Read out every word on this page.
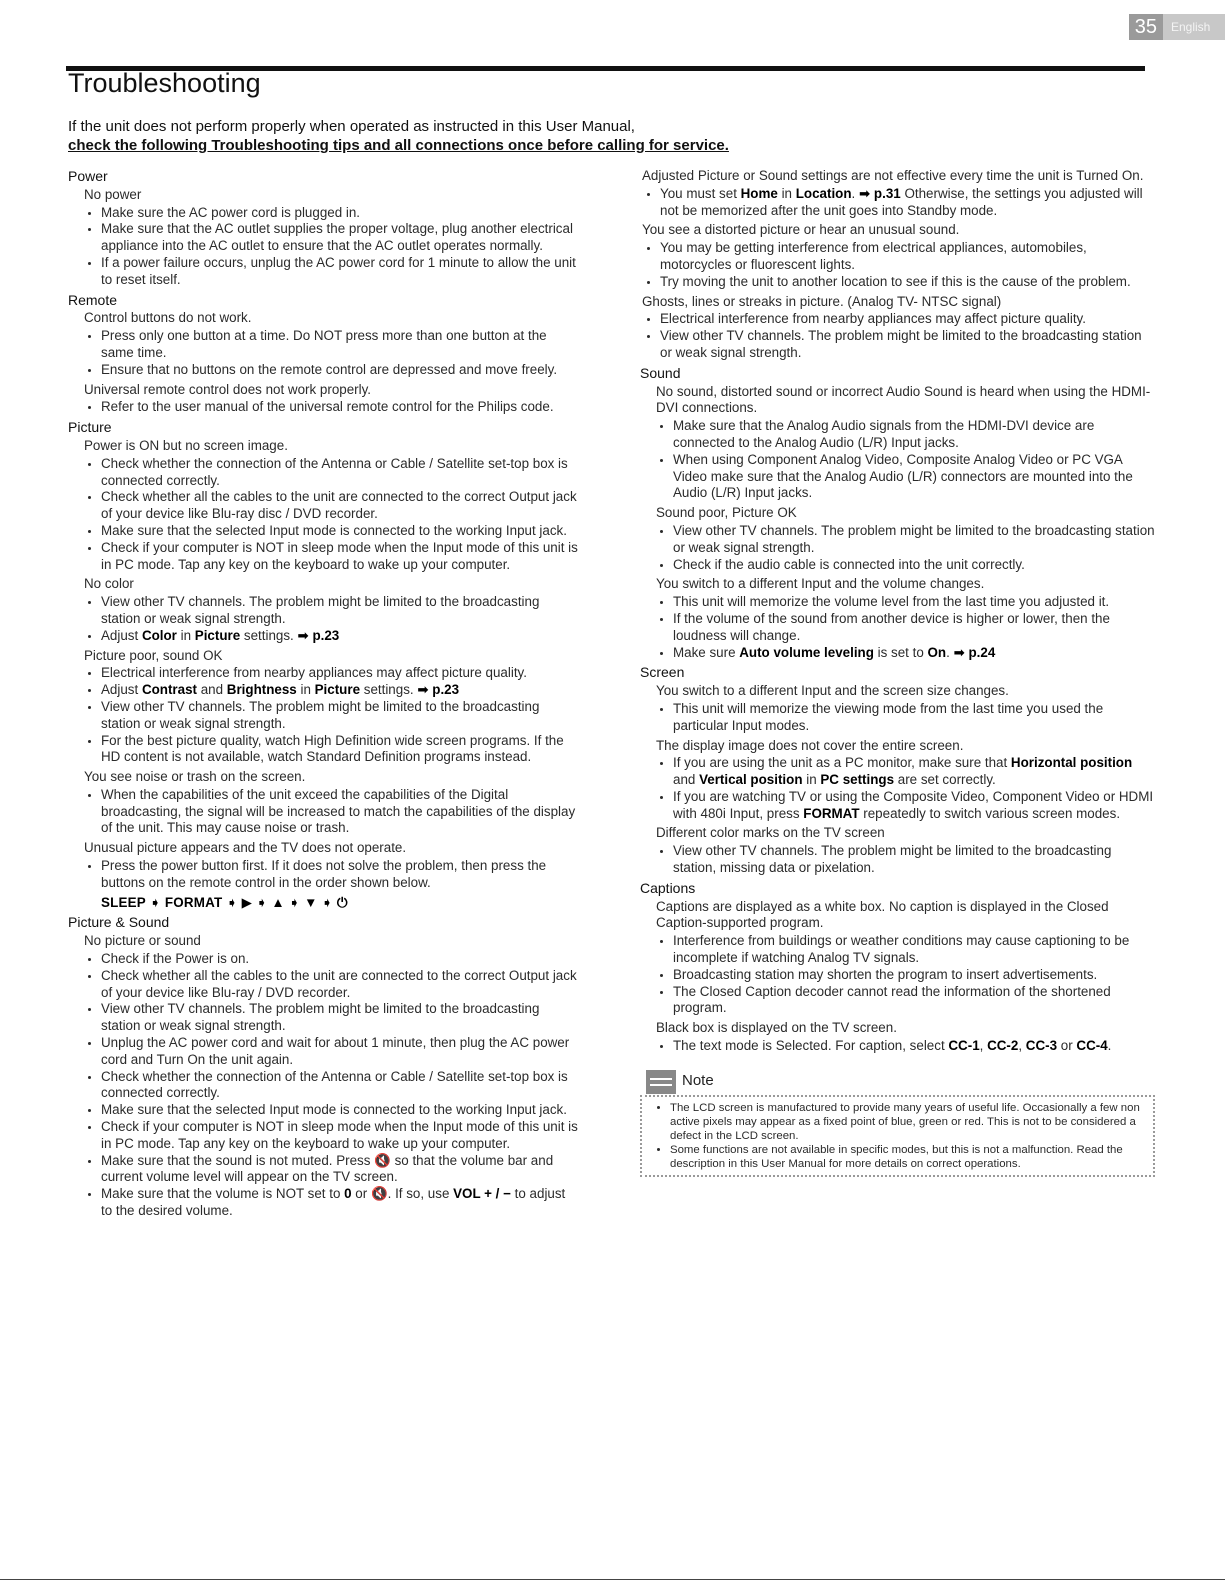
35	English
Troubleshooting
If the unit does not perform properly when operated as instructed in this User Manual,
check the following Troubleshooting tips and all connections once before calling for service.
Power
No power
• Make sure the AC power cord is plugged in.
• Make sure that the AC outlet supplies the proper voltage, plug another electrical appliance into the AC outlet to ensure that the AC outlet operates normally.
• If a power failure occurs, unplug the AC power cord for 1 minute to allow the unit to reset itself.
Remote
Control buttons do not work.
• Press only one button at a time. Do NOT press more than one button at the same time.
• Ensure that no buttons on the remote control are depressed and move freely.
Universal remote control does not work properly.
• Refer to the user manual of the universal remote control for the Philips code.
Picture
Power is ON but no screen image.
• Check whether the connection of the Antenna or Cable / Satellite set-top box is connected correctly.
• Check whether all the cables to the unit are connected to the correct Output jack of your device like Blu-ray disc / DVD recorder.
• Make sure that the selected Input mode is connected to the working Input jack.
• Check if your computer is NOT in sleep mode when the Input mode of this unit is in PC mode. Tap any key on the keyboard to wake up your computer.
No color
• View other TV channels. The problem might be limited to the broadcasting station or weak signal strength.
• Adjust Color in Picture settings. ➡ p.23
Picture poor, sound OK
• Electrical interference from nearby appliances may affect picture quality.
• Adjust Contrast and Brightness in Picture settings. ➡ p.23
• View other TV channels. The problem might be limited to the broadcasting station or weak signal strength.
• For the best picture quality, watch High Definition wide screen programs. If the HD content is not available, watch Standard Definition programs instead.
You see noise or trash on the screen.
• When the capabilities of the unit exceed the capabilities of the Digital broadcasting, the signal will be increased to match the capabilities of the display of the unit. This may cause noise or trash.
Unusual picture appears and the TV does not operate.
• Press the power button first. If it does not solve the problem, then press the buttons on the remote control in the order shown below.
SLEEP ➧ FORMAT ➧ ▶ ➧ ▲ ➧ ▼ ➧ ⏻
Picture & Sound
No picture or sound
• Check if the Power is on.
• Check whether all the cables to the unit are connected to the correct Output jack of your device like Blu-ray / DVD recorder.
• View other TV channels. The problem might be limited to the broadcasting station or weak signal strength.
• Unplug the AC power cord and wait for about 1 minute, then plug the AC power cord and Turn On the unit again.
• Check whether the connection of the Antenna or Cable / Satellite set-top box is connected correctly.
• Make sure that the selected Input mode is connected to the working Input jack.
• Check if your computer is NOT in sleep mode when the Input mode of this unit is in PC mode. Tap any key on the keyboard to wake up your computer.
• Make sure that the sound is not muted. Press 🔇 so that the volume bar and current volume level will appear on the TV screen.
• Make sure that the volume is NOT set to 0 or 🔇. If so, use VOL + / − to adjust to the desired volume.
Adjusted Picture or Sound settings are not effective every time the unit is Turned On.
• You must set Home in Location. ➡ p.31 Otherwise, the settings you adjusted will not be memorized after the unit goes into Standby mode.
You see a distorted picture or hear an unusual sound.
• You may be getting interference from electrical appliances, automobiles, motorcycles or fluorescent lights.
• Try moving the unit to another location to see if this is the cause of the problem.
Ghosts, lines or streaks in picture. (Analog TV- NTSC signal)
• Electrical interference from nearby appliances may affect picture quality.
• View other TV channels. The problem might be limited to the broadcasting station or weak signal strength.
Sound
No sound, distorted sound or incorrect Audio Sound is heard when using the HDMI-DVI connections.
• Make sure that the Analog Audio signals from the HDMI-DVI device are connected to the Analog Audio (L/R) Input jacks.
• When using Component Analog Video, Composite Analog Video or PC VGA Video make sure that the Analog Audio (L/R) connectors are mounted into the Audio (L/R) Input jacks.
Sound poor, Picture OK
• View other TV channels. The problem might be limited to the broadcasting station or weak signal strength.
• Check if the audio cable is connected into the unit correctly.
You switch to a different Input and the volume changes.
• This unit will memorize the volume level from the last time you adjusted it.
• If the volume of the sound from another device is higher or lower, then the loudness will change.
• Make sure Auto volume leveling is set to On. ➡ p.24
Screen
You switch to a different Input and the screen size changes.
• This unit will memorize the viewing mode from the last time you used the particular Input modes.
The display image does not cover the entire screen.
• If you are using the unit as a PC monitor, make sure that Horizontal position and Vertical position in PC settings are set correctly.
• If you are watching TV or using the Composite Video, Component Video or HDMI with 480i Input, press FORMAT repeatedly to switch various screen modes.
Different color marks on the TV screen
• View other TV channels. The problem might be limited to the broadcasting station, missing data or pixelation.
Captions
Captions are displayed as a white box. No caption is displayed in the Closed Caption-supported program.
• Interference from buildings or weather conditions may cause captioning to be incomplete if watching Analog TV signals.
• Broadcasting station may shorten the program to insert advertisements.
• The Closed Caption decoder cannot read the information of the shortened program.
Black box is displayed on the TV screen.
• The text mode is Selected. For caption, select CC-1, CC-2, CC-3 or CC-4.
Note
• The LCD screen is manufactured to provide many years of useful life. Occasionally a few non active pixels may appear as a fixed point of blue, green or red. This is not to be considered a defect in the LCD screen.
• Some functions are not available in specific modes, but this is not a malfunction. Read the description in this User Manual for more details on correct operations.
